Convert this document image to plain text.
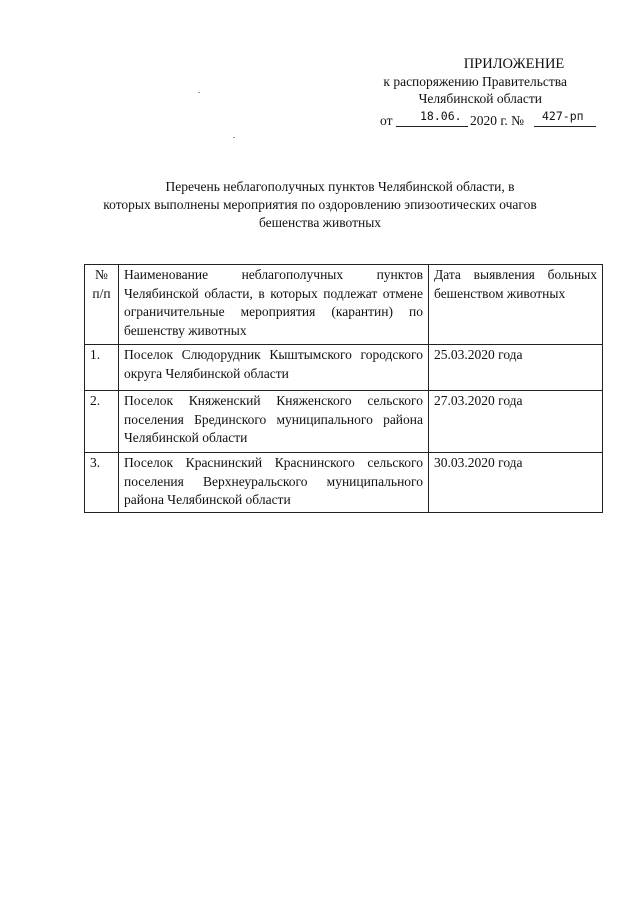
ПРИЛОЖЕНИЕ
к распоряжению Правительства
Челябинской области
от 18.06. 2020 г. № 427-рп
Перечень неблагополучных пунктов Челябинской области, в
которых выполнены мероприятия по оздоровлению эпизоотических очагов
бешенства животных
№ п/п	Наименование неблагополучных пунктов Челябинской области, в которых подлежат отмене ограничительные мероприятия (карантин) по бешенству животных	Дата выявления больных бешенством животных
1.	Поселок Слюдорудник Кыштымского городского округа Челябинской области	25.03.2020 года
2.	Поселок Княженский Княженского сельского поселения Брединского муниципального района Челябинской области	27.03.2020 года
3.	Поселок Краснинский Краснинского сельского поселения Верхнеуральского муниципального района Челябинской области	30.03.2020 года
